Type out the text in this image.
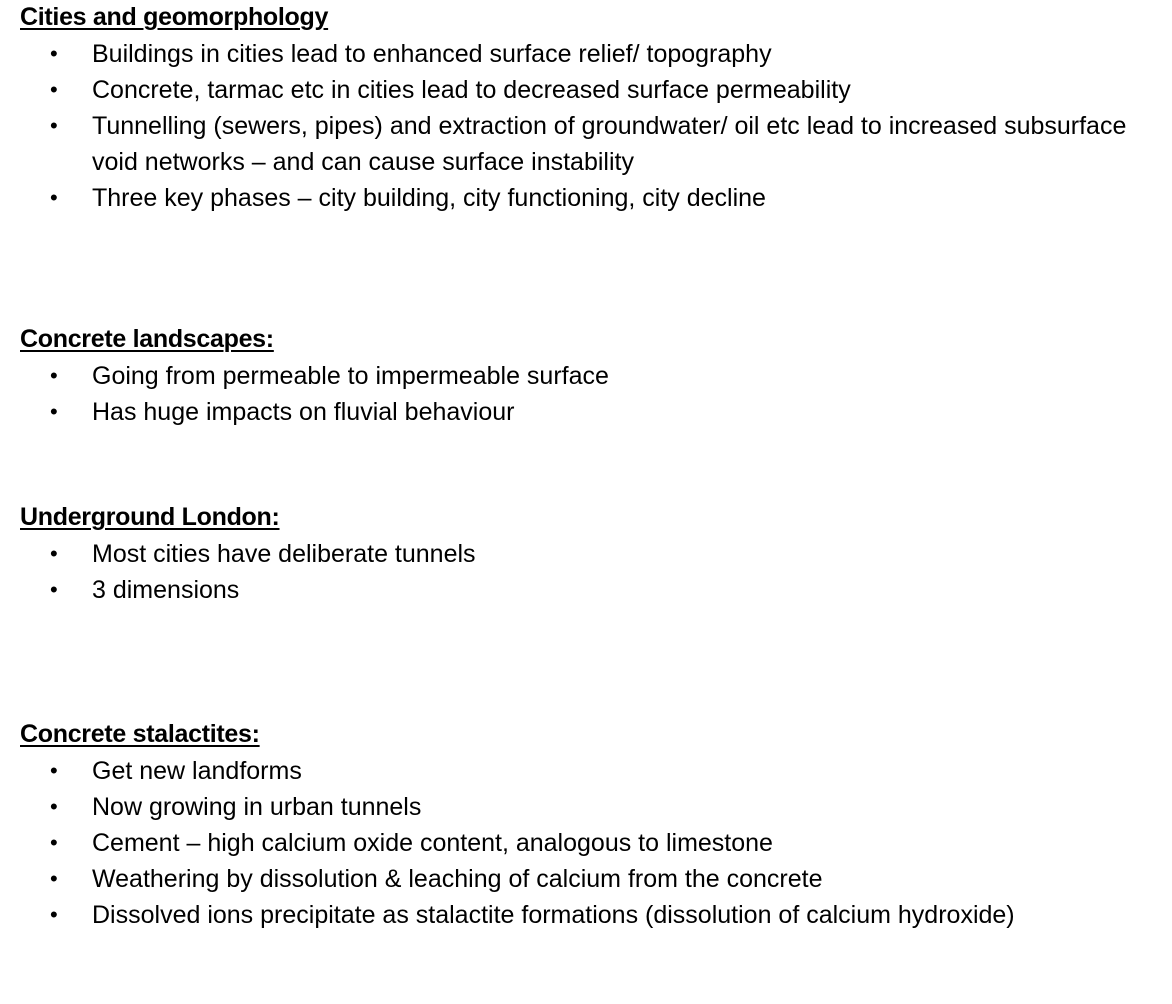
Cities and geomorphology
• Buildings in cities lead to enhanced surface relief/ topography
• Concrete, tarmac etc in cities lead to decreased surface permeability
• Tunnelling (sewers, pipes) and extraction of groundwater/ oil etc lead to increased subsurface void networks – and can cause surface instability
• Three key phases – city building, city functioning, city decline
Concrete landscapes:
• Going from permeable to impermeable surface
• Has huge impacts on fluvial behaviour
Underground London:
• Most cities have deliberate tunnels
• 3 dimensions
Concrete stalactites:
• Get new landforms
• Now growing in urban tunnels
• Cement – high calcium oxide content, analogous to limestone
• Weathering by dissolution & leaching of calcium from the concrete
• Dissolved ions precipitate as stalactite formations (dissolution of calcium hydroxide)
